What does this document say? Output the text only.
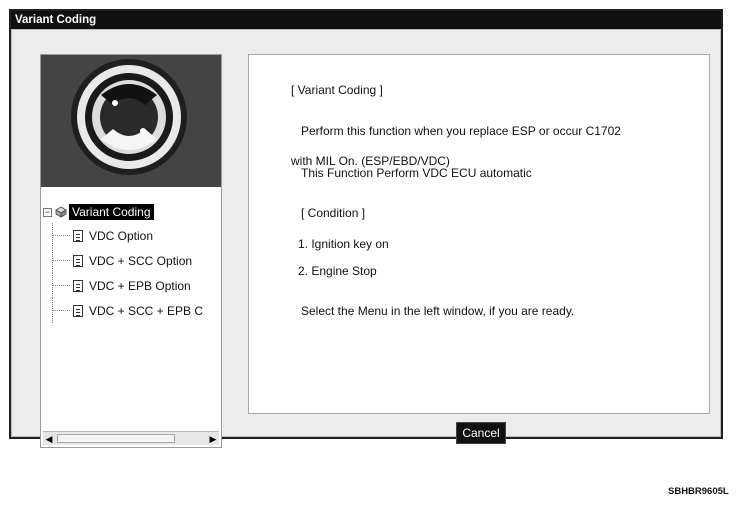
Variant Coding
− Variant Coding
VDC Option
VDC + SCC Option
VDC + EPB Option
VDC + SCC + EPB C
◀	▶
[ Variant Coding ]
Perform this function when you replace ESP or occur C1702
with MIL On. (ESP/EBD/VDC)
This Function Perform VDC ECU automatic
[ Condition ]
1. Ignition key on
2. Engine Stop
Select the Menu in the left window, if you are ready.
Cancel
SBHBR9605L
